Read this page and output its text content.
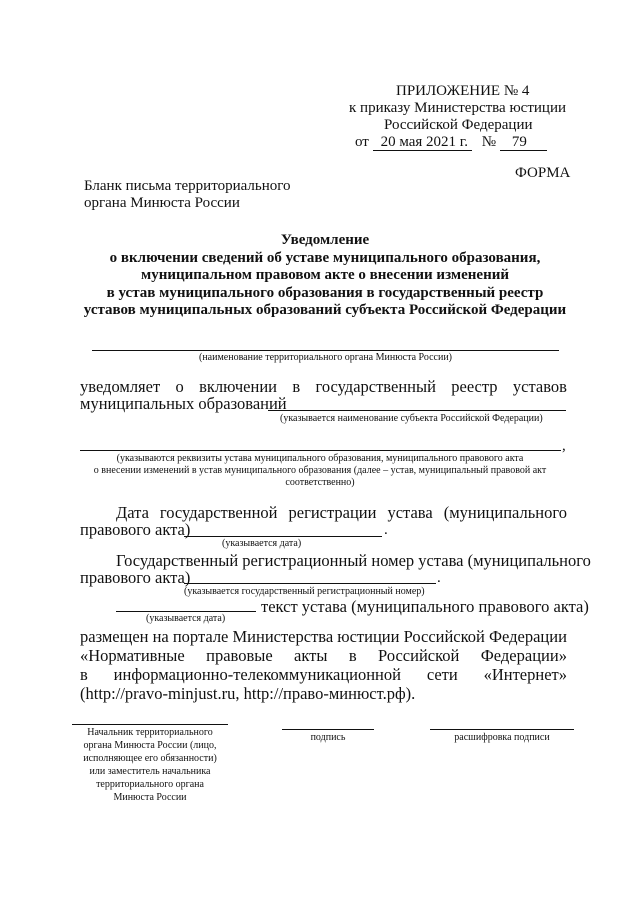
ПРИЛОЖЕНИЕ № 4
к приказу Министерства юстиции
Российской Федерации
от 20 мая 2021 г. № 79
ФОРМА
Бланк письма территориального
органа Минюста России
Уведомление
о включении сведений об уставе муниципального образования,
муниципальном правовом акте о внесении изменений
в устав муниципального образования в государственный реестр
уставов муниципальных образований субъекта Российской Федерации
(наименование территориального органа Минюста России)
уведомляет о включении в государственный реестр уставов
муниципальных образований
(указывается наименование субъекта Российской Федерации)
,
(указываются реквизиты устава муниципального образования, муниципального правового акта
о внесении изменений в устав муниципального образования (далее – устав, муниципальный правовой акт
соответственно)
Дата государственной регистрации устава (муниципального
правового акта)	.
(указывается дата)
Государственный регистрационный номер устава (муниципального
правового акта)	.
(указывается государственный регистрационный номер)
текст устава (муниципального правового акта)
(указывается дата)
размещен на портале Министерства юстиции Российской Федерации
«Нормативные правовые акты в Российской Федерации»
в информационно-телекоммуникационной сети «Интернет»
(http://pravo-minjust.ru, http://право-минюст.рф).
Начальник территориального
органа Минюста России (лицо,
исполняющее его обязанности)
или заместитель начальника
территориального органа
Минюста России
подпись	расшифровка подписи
